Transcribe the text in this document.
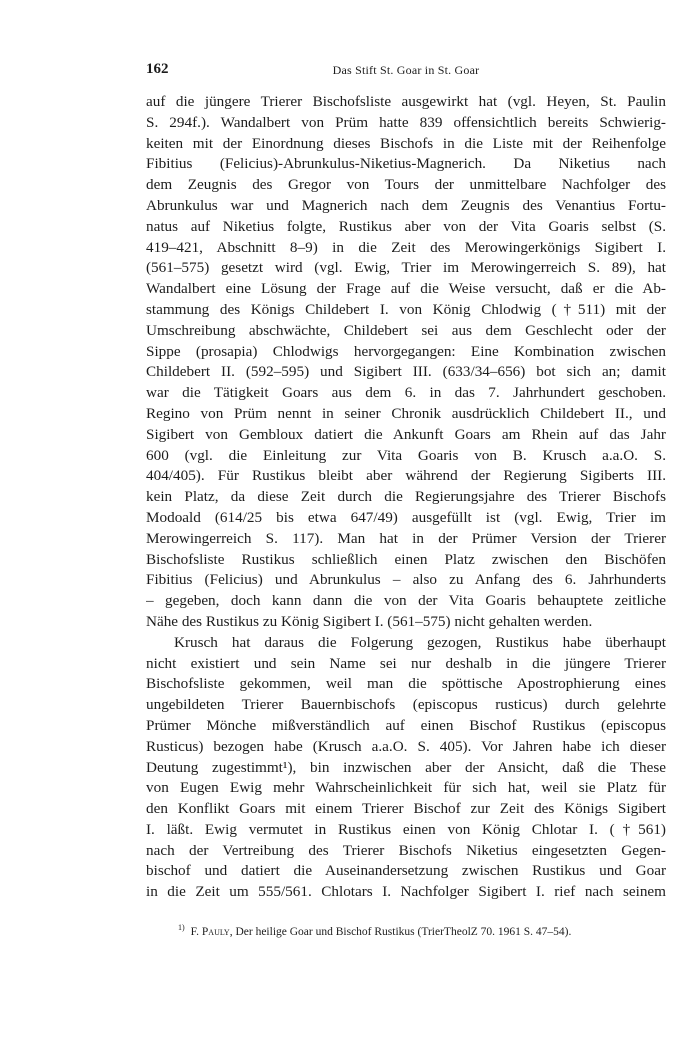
162	Das Stift St. Goar in St. Goar
auf die jüngere Trierer Bischofsliste ausgewirkt hat (vgl. Heyen, St. Paulin
S. 294f.). Wandalbert von Prüm hatte 839 offensichtlich bereits Schwierig-
keiten mit der Einordnung dieses Bischofs in die Liste mit der Reihenfolge
Fibitius (Felicius)-Abrunkulus-Niketius-Magnerich. Da Niketius nach
dem Zeugnis des Gregor von Tours der unmittelbare Nachfolger des
Abrunkulus war und Magnerich nach dem Zeugnis des Venantius Fortu-
natus auf Niketius folgte, Rustikus aber von der Vita Goaris selbst (S.
419–421, Abschnitt 8–9) in die Zeit des Merowingerkönigs Sigibert I.
(561–575) gesetzt wird (vgl. Ewig, Trier im Merowingerreich S. 89), hat
Wandalbert eine Lösung der Frage auf die Weise versucht, daß er die Ab-
stammung des Königs Childebert I. von König Chlodwig (†511) mit der
Umschreibung abschwächte, Childebert sei aus dem Geschlecht oder der
Sippe (prosapia) Chlodwigs hervorgegangen: Eine Kombination zwischen
Childebert II. (592–595) und Sigibert III. (633/34–656) bot sich an; damit
war die Tätigkeit Goars aus dem 6. in das 7. Jahrhundert geschoben.
Regino von Prüm nennt in seiner Chronik ausdrücklich Childebert II., und
Sigibert von Gembloux datiert die Ankunft Goars am Rhein auf das Jahr
600 (vgl. die Einleitung zur Vita Goaris von B. Krusch a.a.O. S.
404/405). Für Rustikus bleibt aber während der Regierung Sigiberts III.
kein Platz, da diese Zeit durch die Regierungsjahre des Trierer Bischofs
Modoald (614/25 bis etwa 647/49) ausgefüllt ist (vgl. Ewig, Trier im
Merowingerreich S. 117). Man hat in der Prümer Version der Trierer
Bischofsliste Rustikus schließlich einen Platz zwischen den Bischöfen
Fibitius (Felicius) und Abrunkulus – also zu Anfang des 6. Jahrhunderts
– gegeben, doch kann dann die von der Vita Goaris behauptete zeitliche
Nähe des Rustikus zu König Sigibert I. (561–575) nicht gehalten werden.
Krusch hat daraus die Folgerung gezogen, Rustikus habe überhaupt
nicht existiert und sein Name sei nur deshalb in die jüngere Trierer
Bischofsliste gekommen, weil man die spöttische Apostrophierung eines
ungebildeten Trierer Bauernbischofs (episcopus rusticus) durch gelehrte
Prümer Mönche mißverständlich auf einen Bischof Rustikus (episcopus
Rusticus) bezogen habe (Krusch a.a.O. S. 405). Vor Jahren habe ich dieser
Deutung zugestimmt¹), bin inzwischen aber der Ansicht, daß die These
von Eugen Ewig mehr Wahrscheinlichkeit für sich hat, weil sie Platz für
den Konflikt Goars mit einem Trierer Bischof zur Zeit des Königs Sigibert
I. läßt. Ewig vermutet in Rustikus einen von König Chlotar I. (†561)
nach der Vertreibung des Trierer Bischofs Niketius eingesetzten Gegen-
bischof und datiert die Auseinandersetzung zwischen Rustikus und Goar
in die Zeit um 555/561. Chlotars I. Nachfolger Sigibert I. rief nach seinem
$^{1)}$ F. Pauly, Der heilige Goar und Bischof Rustikus (TrierTheolZ 70. 1961 S. 47–54).
